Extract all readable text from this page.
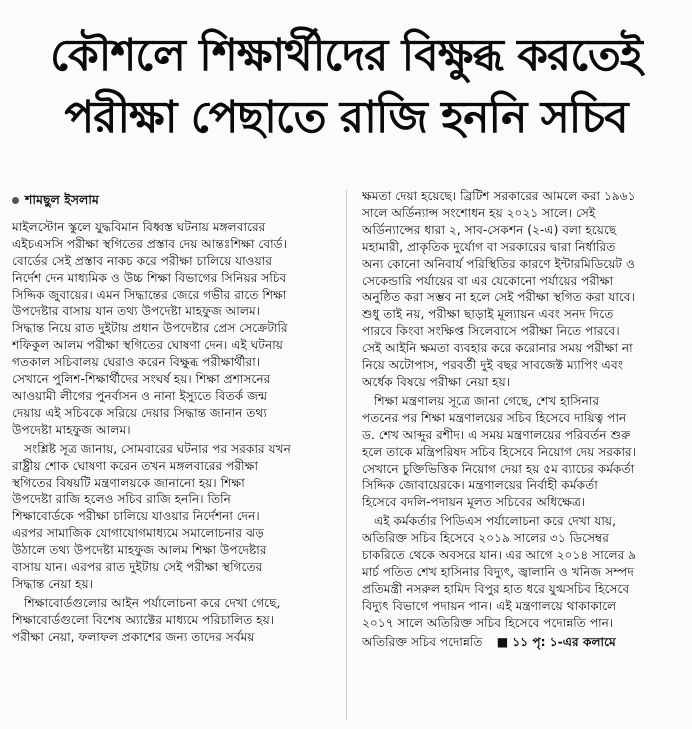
কৌশলে শিক্ষার্থীদের বিক্ষুব্ধ করতেই
পরীক্ষা পেছাতে রাজি হননি সচিব
শামছুল ইসলাম
মাইলস্টোন স্কুলে যুদ্ধবিমান বিধ্বস্ত ঘটনায় মঙ্গলবারের
এইচএসসি পরীক্ষা স্থগিতের প্রস্তাব দেয় আন্তঃশিক্ষা বোর্ড।
বোর্ডের সেই প্রস্তাব নাকচ করে পরীক্ষা চালিয়ে যাওয়ার
নির্দেশ দেন মাধ্যমিক ও উচ্চ শিক্ষা বিভাগের সিনিয়র সচিব
সিদ্দিক জুবায়ের। এমন সিদ্ধান্তের জেরে গভীর রাতে শিক্ষা
উপদেষ্টার বাসায় যান তথ্য উপদেষ্টা মাহফুজ আলম।
সিদ্ধান্ত নিয়ে রাত দুইটায় প্রধান উপদেষ্টার প্রেস সেক্রেটারি
শফিকুল আলম পরীক্ষা স্থগিতের ঘোষণা দেন। এই ঘটনায়
গতকাল সচিবালয় ঘেরাও করেন বিক্ষুব্ধ পরীক্ষার্থীরা।
সেখানে পুলিশ-শিক্ষার্থীদের সংঘর্ষ হয়। শিক্ষা প্রশাসনের
আওয়ামী লীগের পুনর্বাসন ও নানা ইস্যুতে বিতর্ক জন্ম
দেয়ায় এই সচিবকে সরিয়ে দেয়ার সিদ্ধান্ত জানান তথ্য
উপদেষ্টা মাহফুজ আলম।
সংশ্লিষ্ট সূত্র জানায়, সোমবারের ঘটনার পর সরকার যখন
রাষ্ট্রীয় শোক ঘোষণা করেন তখন মঙ্গলবারের পরীক্ষা
স্থগিতের বিষয়টি মন্ত্রণালয়কে জানানো হয়। শিক্ষা
উপদেষ্টা রাজি হলেও সচিব রাজি হননি। তিনি
শিক্ষাবোর্ডকে পরীক্ষা চালিয়ে যাওয়ার নির্দেশনা দেন।
এরপর সামাজিক যোগাযোগমাধ্যমে সমালোচনার ঝড়
উঠালে তথ্য উপদেষ্টা মাহফুজ আলম শিক্ষা উপদেষ্টার
বাসায় যান। এরপর রাত দুইটায় সেই পরীক্ষা স্থগিতের
সিদ্ধান্ত নেয়া হয়।
শিক্ষাবোর্ডগুলোর আইন পর্যালোচনা করে দেখা গেছে,
শিক্ষাবোর্ডগুলো বিশেষ অ্যাক্টের মাধ্যমে পরিচালিত হয়।
পরীক্ষা নেয়া, ফলাফল প্রকাশের জন্য তাদের সর্বময়
ক্ষমতা দেয়া হয়েছে। ব্রিটিশ সরকারের আমলে করা ১৯৬১
সালে অর্ডিন্যান্স সংশোধন হয় ২০২১ সালে। সেই
অর্ডিন্যান্সের ধারা ২, সাব-সেকশন (২-এ) বলা হয়েছে
মহামারী, প্রাকৃতিক দুর্যোগ বা সরকারের দ্বারা নির্ধারিত
অন্য কোনো অনিবার্য পরিস্থিতির কারণে ইন্টারমিডিয়েট ও
সেকেন্ডারি পর্যায়ের বা এর যেকোনো পর্যায়ের পরীক্ষা
অনুষ্ঠিত করা সম্ভব না হলে সেই পরীক্ষা স্থগিত করা যাবে।
শুধু তাই নয়, পরীক্ষা ছাড়াই মূল্যায়ন এবং সনদ দিতে
পারবে কিংবা সংক্ষিপ্ত সিলেবাসে পরীক্ষা নিতে পারবে।
সেই আইনি ক্ষমতা ব্যবহার করে করোনার সময় পরীক্ষা না
নিয়ে অটোপাস, পরবর্তী দুই বছর সাবজেক্ট ম্যাপিং এবং
অর্ধেক বিষয়ে পরীক্ষা নেয়া হয়।
শিক্ষা মন্ত্রণালয় সূত্রে জানা গেছে, শেখ হাসিনার
পতনের পর শিক্ষা মন্ত্রণালয়ের সচিব হিসেবে দায়িত্ব পান
ড. শেখ আব্দুর রশীদ। এ সময় মন্ত্রণালয়ের পরিবর্তন শুরু
হলে তাকে মন্ত্রিপরিষদ সচিব হিসেবে নিয়োগ দেয় সরকার।
সেখানে চুক্তিভিত্তিক নিয়োগ দেয়া হয় ৫ম ব্যাচের কর্মকর্তা
সিদ্দিক জোবায়েরকে। মন্ত্রণালয়ের নির্বাহী কর্মকর্তা
হিসেবে বদলি-পদায়ন মূলত সচিবের অধিক্ষেত্র।
এই কর্মকর্তার পিডিএস পর্যালোচনা করে দেখা যায়,
অতিরিক্ত সচিব হিসেবে ২০১৯ সালের ৩১ ডিসেম্বর
চাকরিতে থেকে অবসরে যান। এর আগে ২০১৪ সালের ৯
মার্চ পতিত শেখ হাসিনার বিদ্যুৎ, জ্বালানি ও খনিজ সম্পদ
প্রতিমন্ত্রী নসরুল হামিদ বিপুর হাত ধরে যুগ্মসচিব হিসেবে
বিদ্যুৎ বিভাগে পদায়ন পান। এই মন্ত্রণালয়ে থাকাকালে
২০১৭ সালে অতিরিক্ত সচিব হিসেবে পদোন্নতি পান।
অতিরিক্ত সচিব পদোন্নতি ■ ১১ পৃ: ১-এর কলামে
